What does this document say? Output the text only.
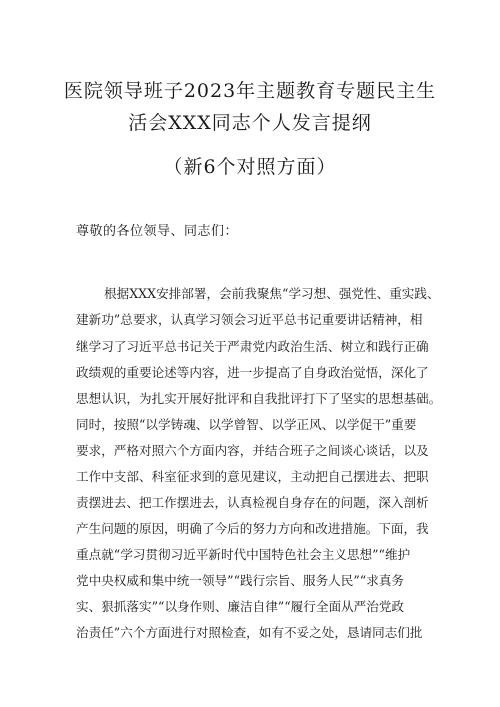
医院领导班子2023年主题教育专题民主生
活会XXX同志个人发言提纲
（新6个对照方面）
尊敬的各位领导、同志们：
根据XXX安排部署，会前我聚焦“学习想、强党性、重实践、
建新功”总要求，认真学习领会习近平总书记重要讲话精神，相
继学习了习近平总书记关于严肃党内政治生活、树立和践行正确
政绩观的重要论述等内容，进一步提高了自身政治觉悟，深化了
思想认识，为扎实开展好批评和自我批评打下了坚实的思想基础。
同时，按照“以学铸魂、以学曾智、以学正风、以学促干”重要
要求，严格对照六个方面内容，并结合班子之间谈心谈话，以及
工作中支部、科室征求到的意见建议，主动把自己摆进去、把职
责摆进去、把工作摆进去，认真检视自身存在的问题，深入剖析
产生问题的原因，明确了今后的努力方向和改进措施。下面，我
重点就“学习贯彻习近平新时代中国特色社会主义思想”“维护
党中央权威和集中统一领导”“践行宗旨、服务人民”“求真务
实、狠抓落实”“以身作则、廉洁自律”“履行全面从严治党政
治责任”六个方面进行对照检查，如有不妥之处，恳请同志们批
